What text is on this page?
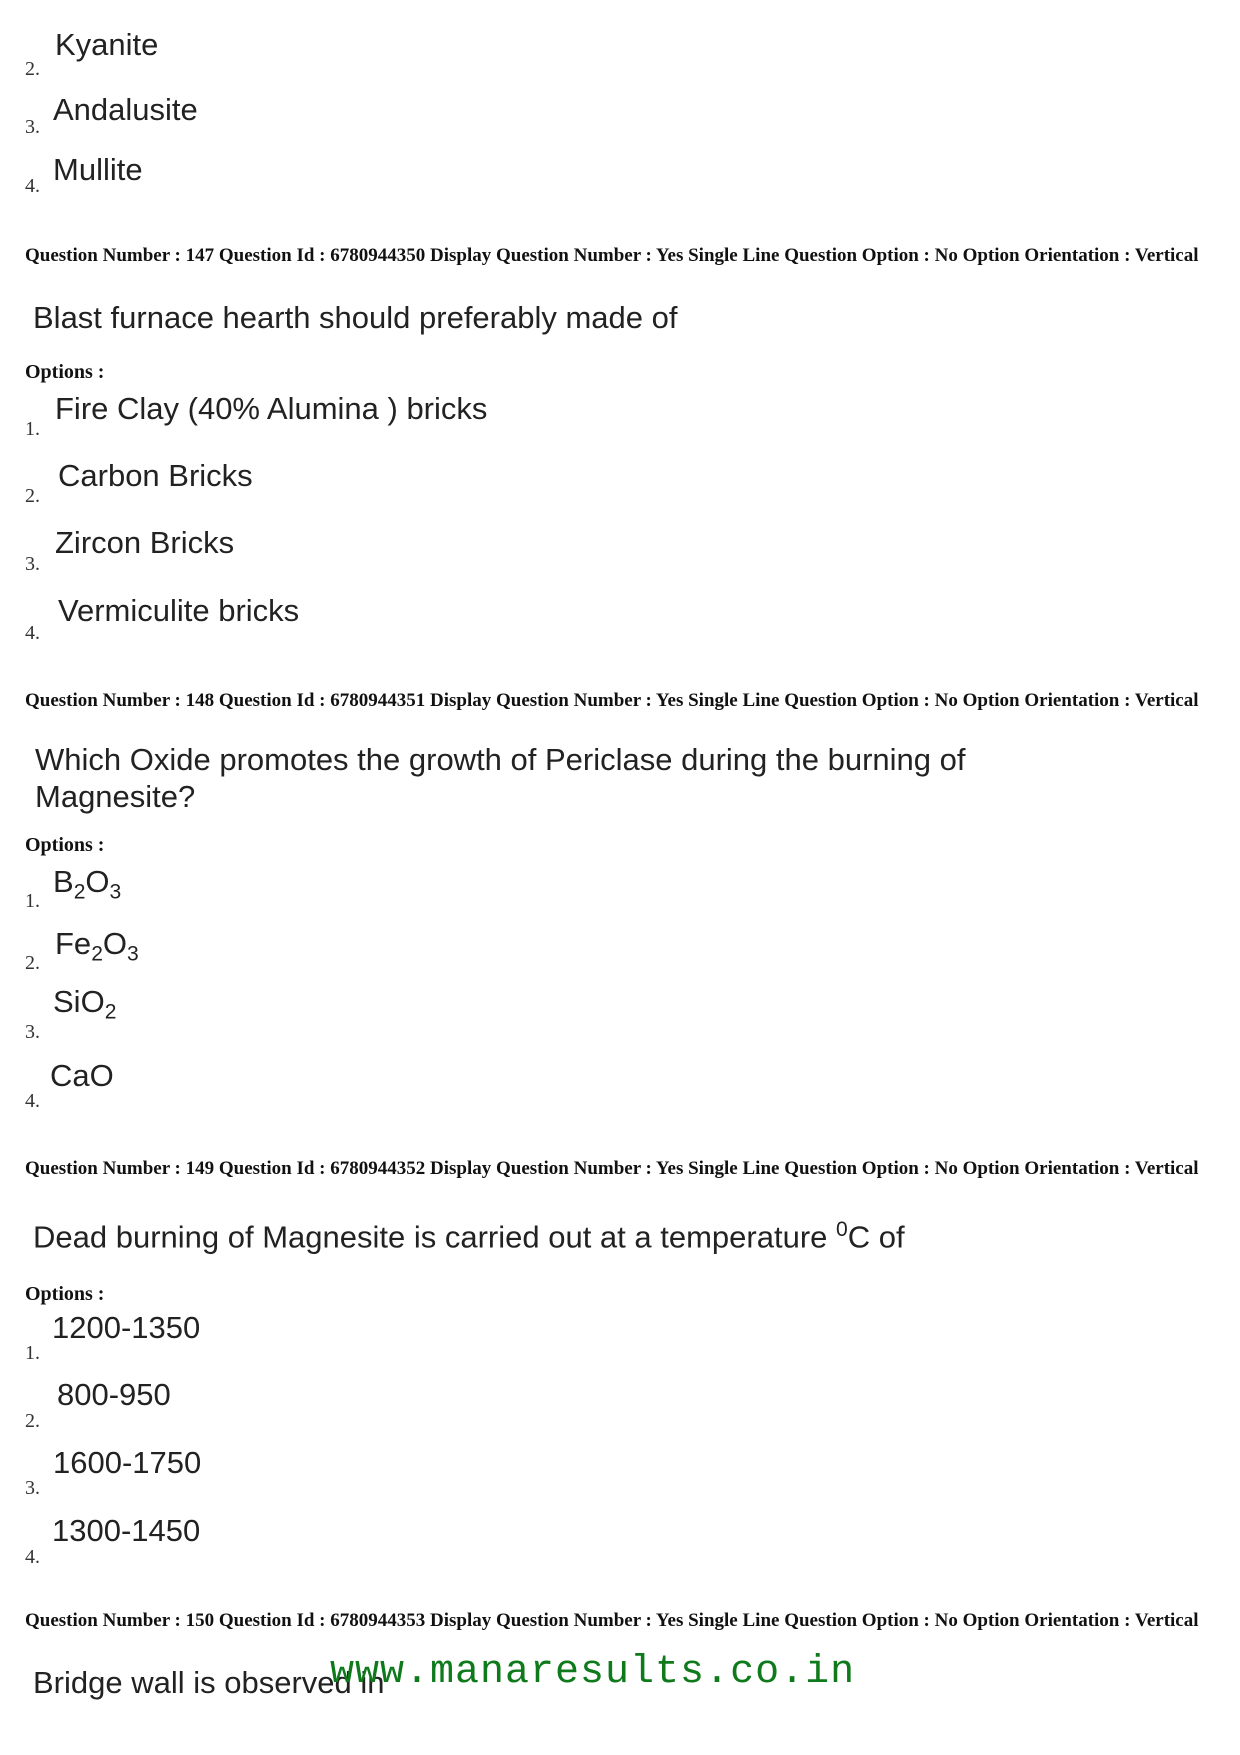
2.
Kyanite
3. Andalusite
4. Mullite
Question Number : 147 Question Id : 6780944350 Display Question Number : Yes Single Line Question Option : No Option Orientation : Vertical
Blast furnace hearth should preferably made of
Options :
1.
Fire Clay (40% Alumina ) bricks
2.
Carbon Bricks
3.
Zircon Bricks
4.
Vermiculite bricks
Question Number : 148 Question Id : 6780944351 Display Question Number : Yes Single Line Question Option : No Option Orientation : Vertical
Which Oxide promotes the growth of Periclase during the burning of Magnesite?
Options :
1.
$B_2O_3$
2.
$Fe_2O_3$
3.
SiO$_2$
4.
CaO
Question Number : 149 Question Id : 6780944352 Display Question Number : Yes Single Line Question Option : No Option Orientation : Vertical
Dead burning of Magnesite is carried out at a temperature $^0$C of
Options :
1.
1200-1350
2.
800-950
3.
1600-1750
4.
1300-1450
Question Number : 150 Question Id : 6780944353 Display Question Number : Yes Single Line Question Option : No Option Orientation : Vertical
Bridge wall is observed in
www.manaresults.co.in
